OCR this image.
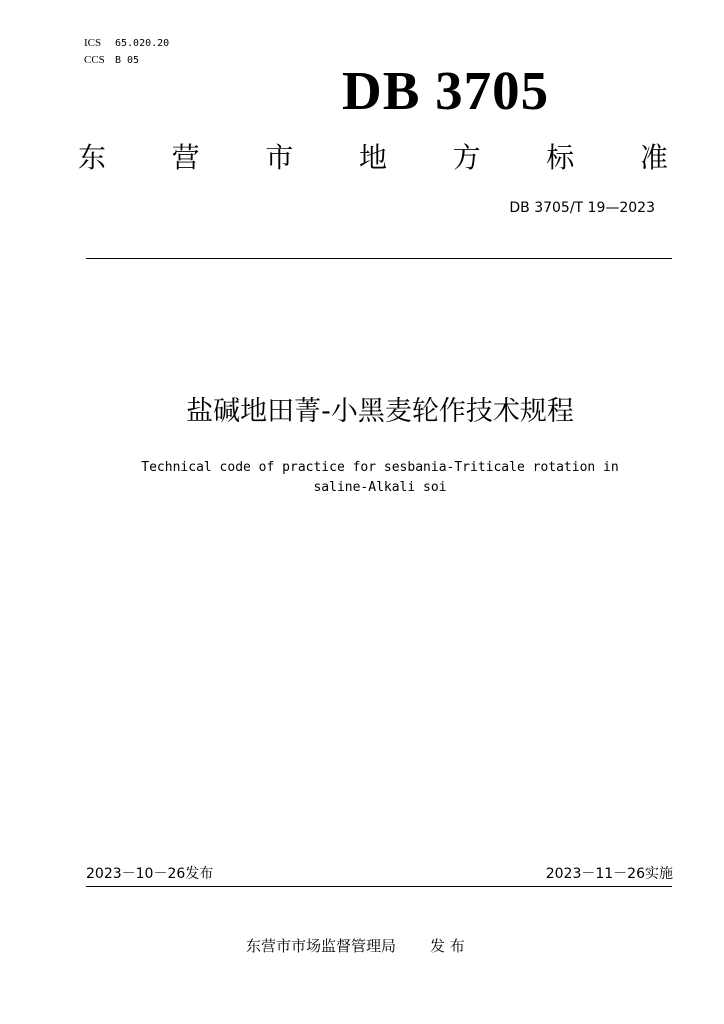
ICS 65.020.20
CCS B 05	DB 3705
东 营 市 地 方 标 准
DB 3705/T 19—2023
盐碱地田菁-小黑麦轮作技术规程
Technical code of practice for sesbania-Triticale rotation in
saline-Alkali soi
2023－10－26发布	2023－11－26实施
东营市市场监督管理局 发 布
